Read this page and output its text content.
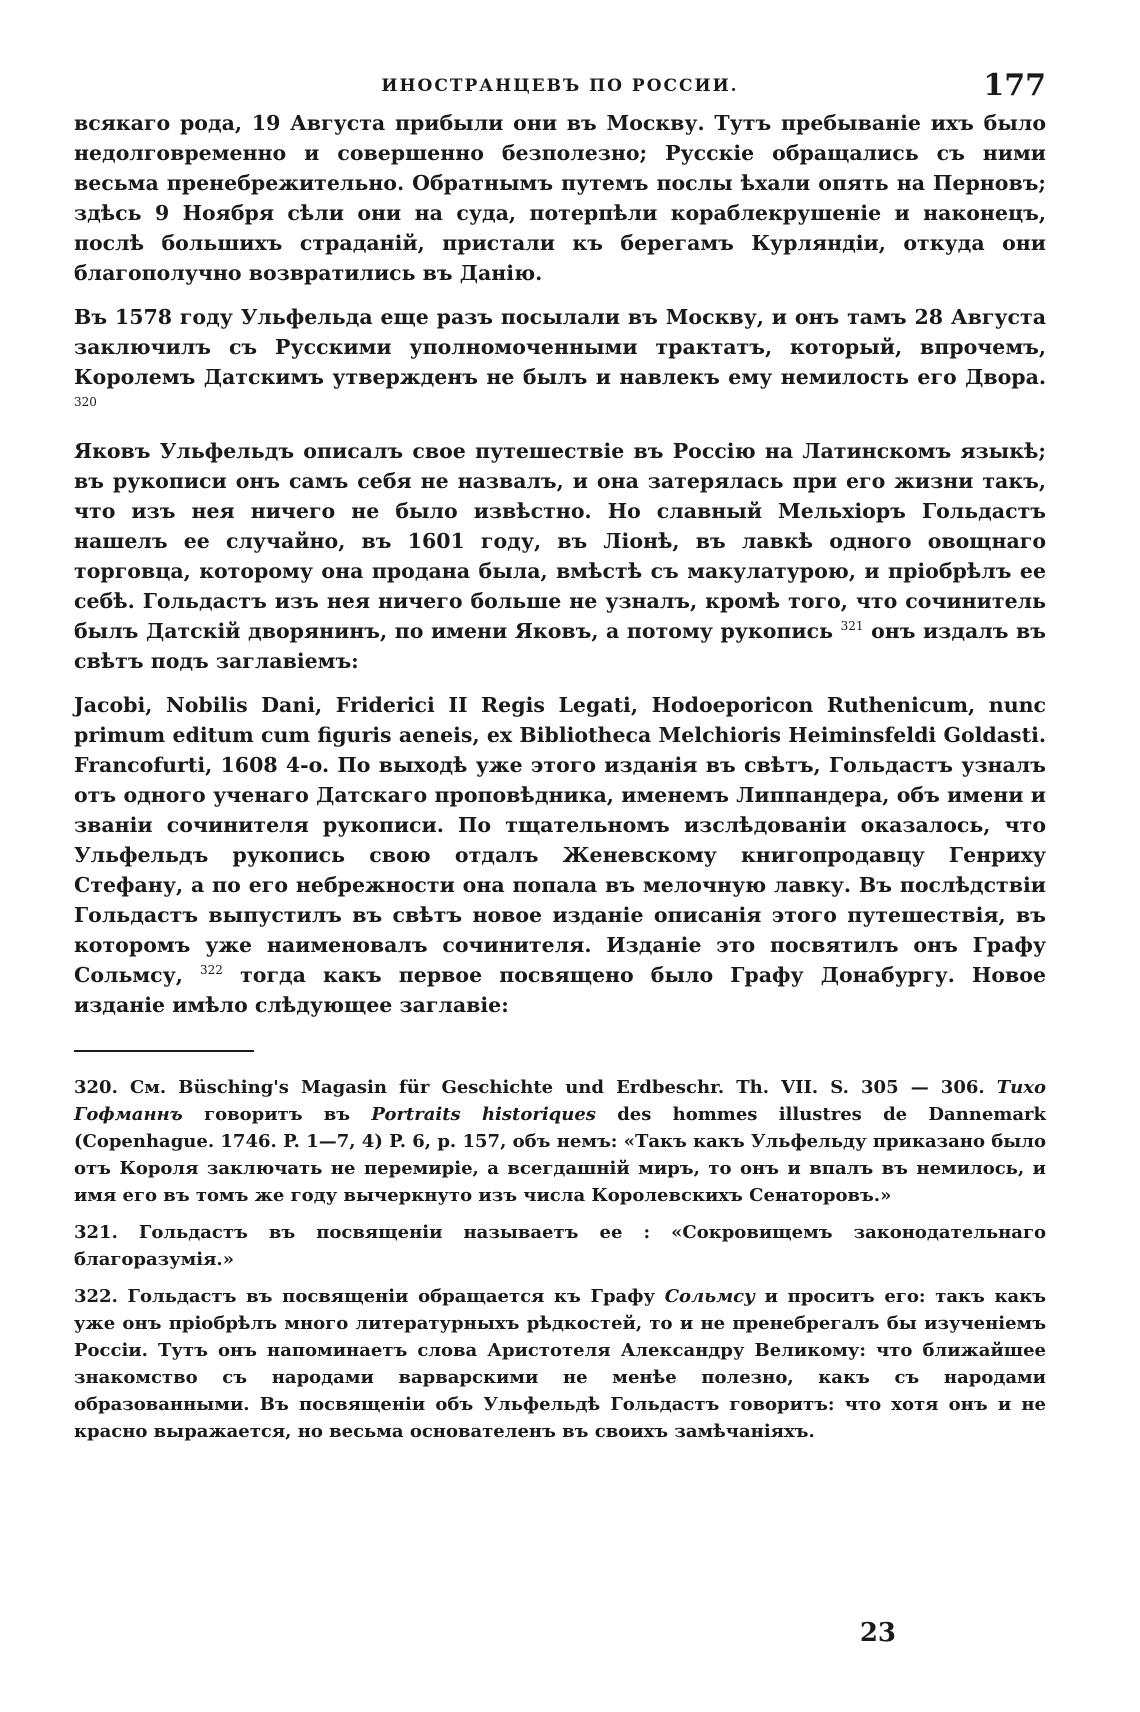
ИНОСТРАНЦЕВЪ ПО РОССИИ.	177

всякаго рода, 19 Августа прибыли они въ Москву. Тутъ пребываніе ихъ было недолговременно и совершенно безполезно; Русскіе обращались съ ними весьма пренебрежительно. Обратнымъ путемъ послы ѣхали опять на Перновъ; здѣсь 9 Ноября сѣли они на суда, потерпѣли кораблекрушеніе и наконецъ, послѣ большихъ страданій, пристали къ берегамъ Курляндіи, откуда они благополучно возвратились въ Данію.

Въ 1578 году Ульфельда еще разъ посылали въ Москву, и онъ тамъ 28 Августа заключилъ съ Русскими уполномоченными трактатъ, который, впрочемъ, Королемъ Датскимъ утвержденъ не былъ и навлекъ ему немилость его Двора. $^{320}$

Яковъ Ульфельдъ описалъ свое путешествіе въ Россію на Латинскомъ языкѣ; въ рукописи онъ самъ себя не назвалъ, и она затерялась при его жизни такъ, что изъ нея ничего не было извѣстно. Но славный Мельхіоръ Гольдастъ нашелъ ее случайно, въ 1601 году, въ Ліонѣ, въ лавкѣ одного овощнаго торговца, которому она продана была, вмѣстѣ съ макулатурою, и пріобрѣлъ ее себѣ. Гольдастъ изъ нея ничего больше не узналъ, кромѣ того, что сочинитель былъ Датскій дворянинъ, по имени Яковъ, а потому рукопись $^{321}$ онъ издалъ въ свѣтъ подъ заглавіемъ:

Jacobi, Nobilis Dani, Friderici II Regis Legati, Hodoeporicon Ruthenicum, nunc primum editum cum figuris aeneis, ex Bibliotheca Melchioris Heiminsfeldi Goldasti. Francofurti, 1608 4-o. По выходѣ уже этого изданія въ свѣтъ, Гольдастъ узналъ отъ одного ученаго Датскаго проповѣдника, именемъ Липпандера, объ имени и званіи сочинителя рукописи. По тщательномъ изслѣдованіи оказалось, что Ульфельдъ рукопись свою отдалъ Женевскому книгопродавцу Генриху Стефану, а по его небрежности она попала въ мелочную лавку. Въ послѣдствіи Гольдастъ выпустилъ въ свѣтъ новое изданіе описанія этого путешествія, въ которомъ уже наименовалъ сочинителя. Изданіе это посвятилъ онъ Графу Сольмсу, $^{322}$ тогда какъ первое посвящено было Графу Донабургу. Новое изданіе имѣло слѣдующее заглавіе:

320. См. Büsching's Magasin für Geschichte und Erdbeschr. Th. VII. S. 305 — 306. Тихо Гофманнъ говоритъ въ Portraits historiques des hommes illustres de Dannemark (Copenhague. 1746. P. 1—7, 4) P. 6, p. 157, объ немъ: «Такъ какъ Ульфельду приказано было отъ Короля заключать не перемиріе, а всегдашній миръ, то онъ и впалъ въ немилось, и имя его въ томъ же году вычеркнуто изъ числа Королевскихъ Сенаторовъ.»

321. Гольдастъ въ посвященіи называетъ ее : «Сокровищемъ законодательнаго благоразумія.»

322. Гольдастъ въ посвященіи обращается къ Графу Сольмсу и проситъ его: такъ какъ уже онъ пріобрѣлъ много литературныхъ рѣдкостей, то и не пренебрегалъ бы изученіемъ Россіи. Тутъ онъ напоминаетъ слова Аристотеля Александру Великому: что ближайшее знакомство съ народами варварскими не менѣе полезно, какъ съ народами образованными. Въ посвященіи объ Ульфельдѣ Гольдастъ говоритъ: что хотя онъ и не красно выражается, но весьма основателенъ въ своихъ замѣчаніяхъ.

23
